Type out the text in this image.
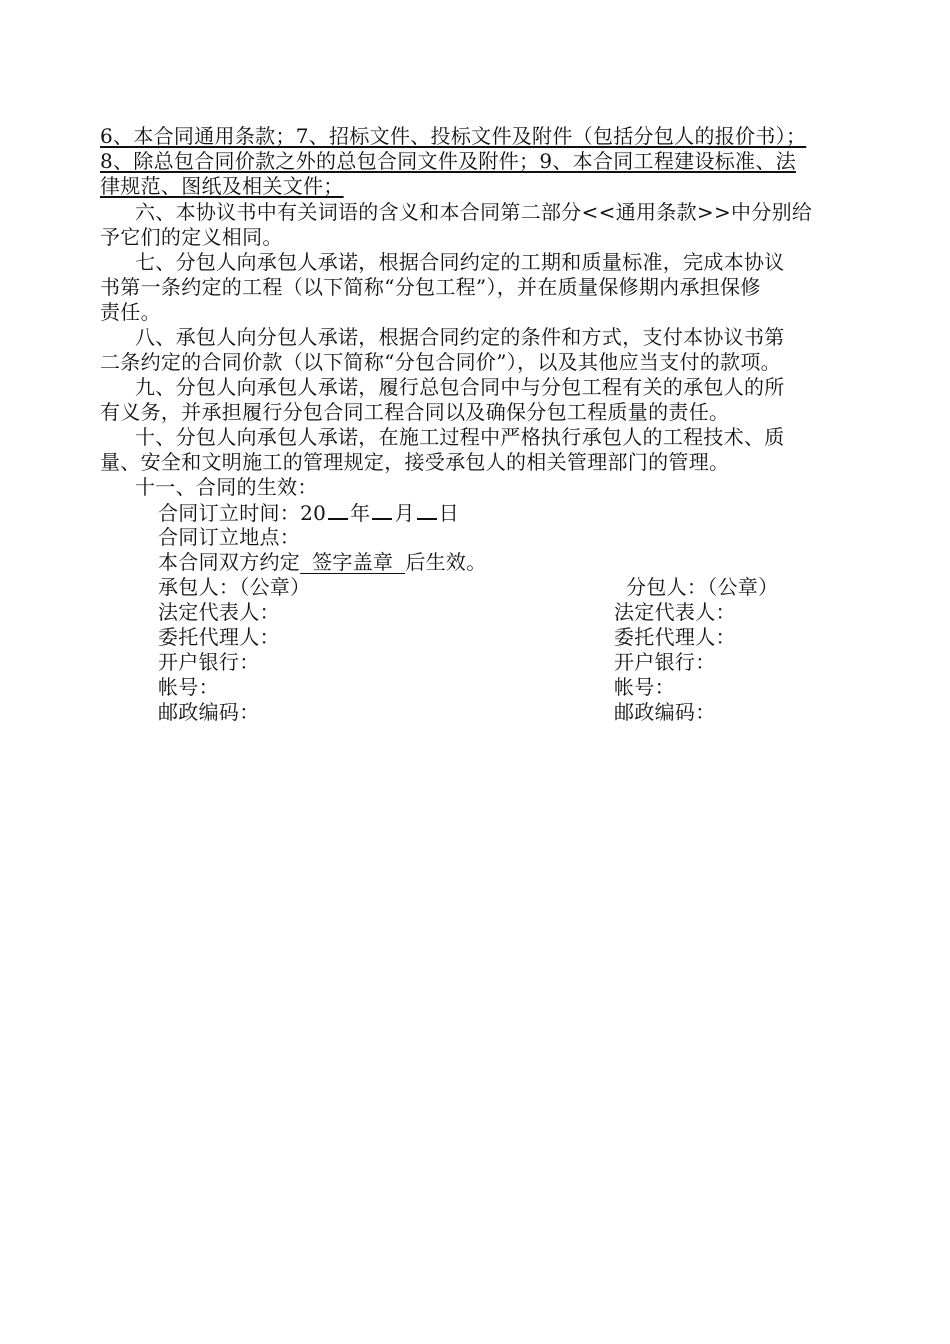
6、本合同通用条款；7、招标文件、投标文件及附件（包括分包人的报价书）；
8、除总包合同价款之外的总包合同文件及附件；9、本合同工程建设标准、法
律规范、图纸及相关文件；
六、本协议书中有关词语的含义和本合同第二部分<<通用条款>>中分别给
予它们的定义相同。
七、分包人向承包人承诺，根据合同约定的工期和质量标准，完成本协议
书第一条约定的工程（以下简称“分包工程”），并在质量保修期内承担保修
责任。
八、承包人向分包人承诺，根据合同约定的条件和方式，支付本协议书第
二条约定的合同价款（以下简称“分包合同价”），以及其他应当支付的款项。
九、分包人向承包人承诺，履行总包合同中与分包工程有关的承包人的所
有义务，并承担履行分包合同工程合同以及确保分包工程质量的责任。
十、分包人向承包人承诺，在施工过程中严格执行承包人的工程技术、质
量、安全和文明施工的管理规定，接受承包人的相关管理部门的管理。
十一、合同的生效：
合同订立时间：20 年 月 日
合同订立地点：
本合同双方约定 签字盖章 后生效。
承包人：（公章）
法定代表人：
委托代理人：
开户银行：
帐号：
邮政编码：
分包人：（公章）
法定代表人：
委托代理人：
开户银行：
帐号：
邮政编码：
